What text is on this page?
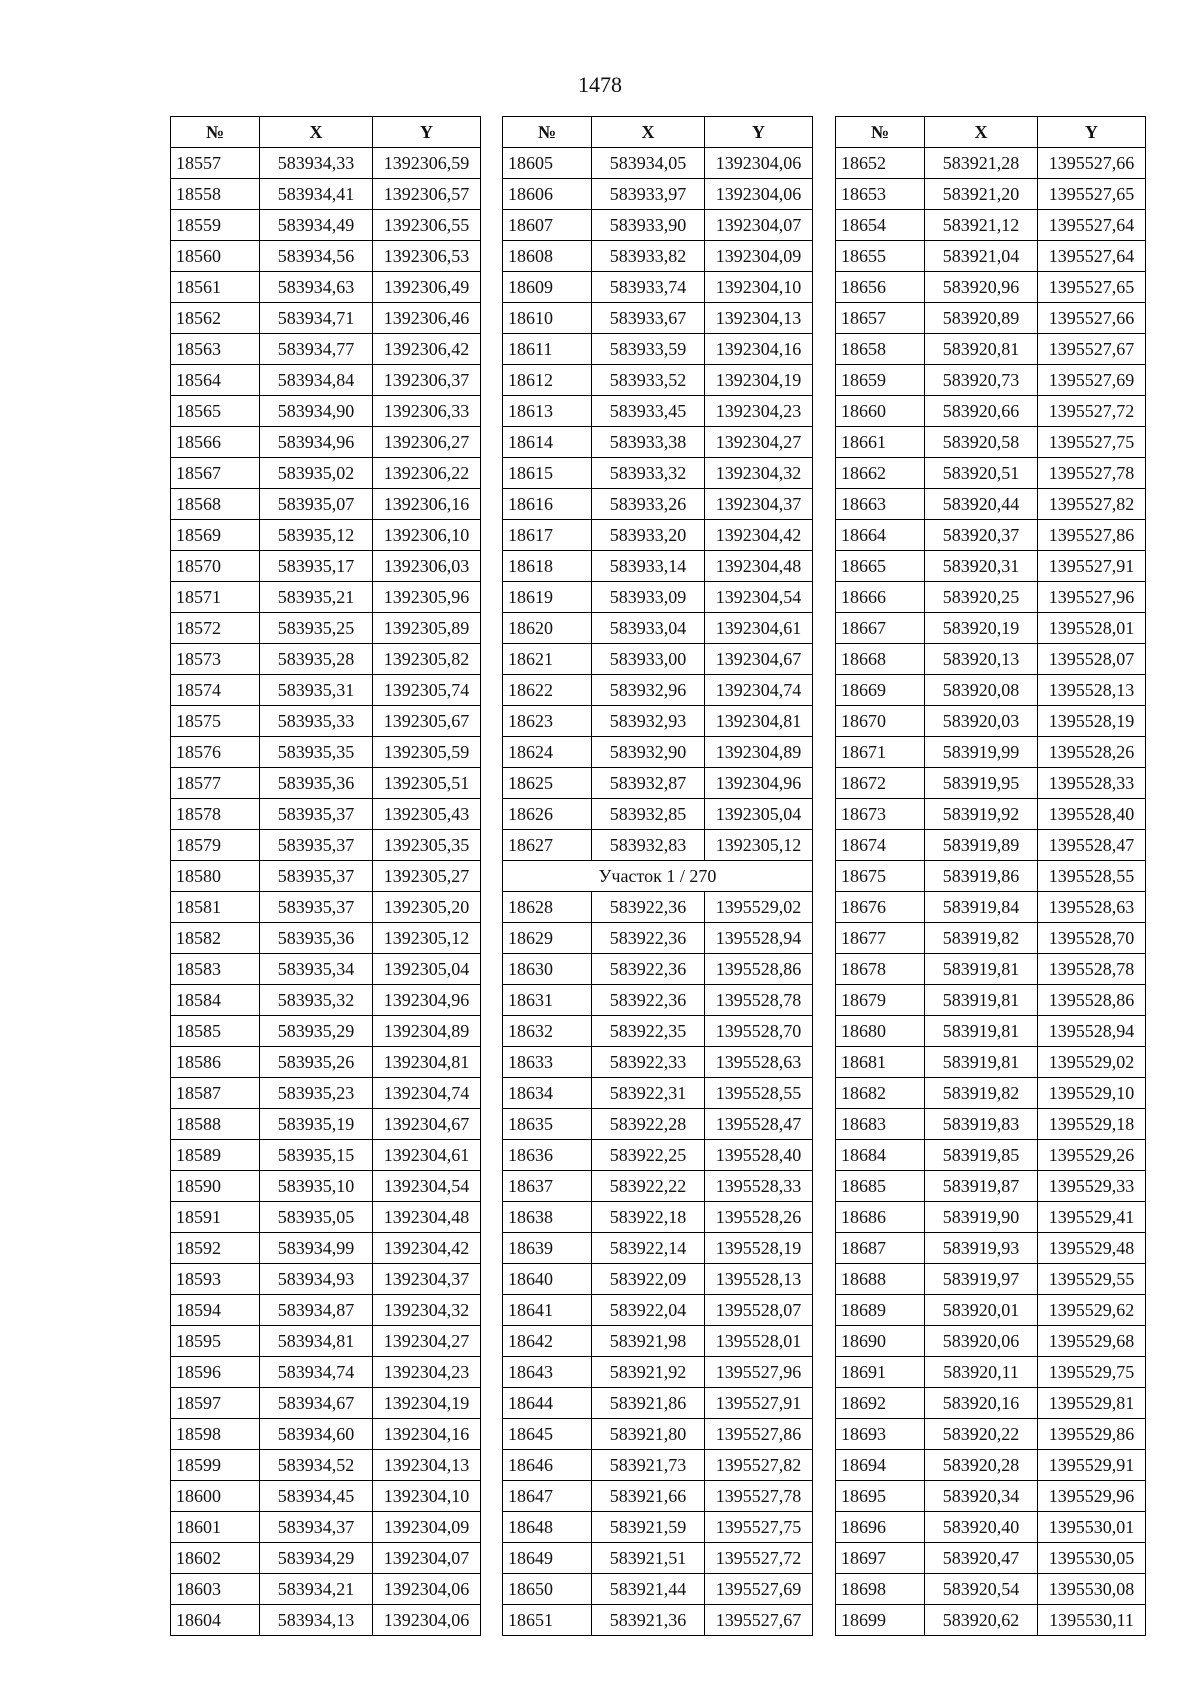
1478
№	X	Y
18557	583934,33	1392306,59
18558	583934,41	1392306,57
18559	583934,49	1392306,55
18560	583934,56	1392306,53
18561	583934,63	1392306,49
18562	583934,71	1392306,46
18563	583934,77	1392306,42
18564	583934,84	1392306,37
18565	583934,90	1392306,33
18566	583934,96	1392306,27
18567	583935,02	1392306,22
18568	583935,07	1392306,16
18569	583935,12	1392306,10
18570	583935,17	1392306,03
18571	583935,21	1392305,96
18572	583935,25	1392305,89
18573	583935,28	1392305,82
18574	583935,31	1392305,74
18575	583935,33	1392305,67
18576	583935,35	1392305,59
18577	583935,36	1392305,51
18578	583935,37	1392305,43
18579	583935,37	1392305,35
18580	583935,37	1392305,27
18581	583935,37	1392305,20
18582	583935,36	1392305,12
18583	583935,34	1392305,04
18584	583935,32	1392304,96
18585	583935,29	1392304,89
18586	583935,26	1392304,81
18587	583935,23	1392304,74
18588	583935,19	1392304,67
18589	583935,15	1392304,61
18590	583935,10	1392304,54
18591	583935,05	1392304,48
18592	583934,99	1392304,42
18593	583934,93	1392304,37
18594	583934,87	1392304,32
18595	583934,81	1392304,27
18596	583934,74	1392304,23
18597	583934,67	1392304,19
18598	583934,60	1392304,16
18599	583934,52	1392304,13
18600	583934,45	1392304,10
18601	583934,37	1392304,09
18602	583934,29	1392304,07
18603	583934,21	1392304,06
18604	583934,13	1392304,06
№	X	Y
18605	583934,05	1392304,06
18606	583933,97	1392304,06
18607	583933,90	1392304,07
18608	583933,82	1392304,09
18609	583933,74	1392304,10
18610	583933,67	1392304,13
18611	583933,59	1392304,16
18612	583933,52	1392304,19
18613	583933,45	1392304,23
18614	583933,38	1392304,27
18615	583933,32	1392304,32
18616	583933,26	1392304,37
18617	583933,20	1392304,42
18618	583933,14	1392304,48
18619	583933,09	1392304,54
18620	583933,04	1392304,61
18621	583933,00	1392304,67
18622	583932,96	1392304,74
18623	583932,93	1392304,81
18624	583932,90	1392304,89
18625	583932,87	1392304,96
18626	583932,85	1392305,04
18627	583932,83	1392305,12
Участок 1 / 270		
18628	583922,36	1395529,02
18629	583922,36	1395528,94
18630	583922,36	1395528,86
18631	583922,36	1395528,78
18632	583922,35	1395528,70
18633	583922,33	1395528,63
18634	583922,31	1395528,55
18635	583922,28	1395528,47
18636	583922,25	1395528,40
18637	583922,22	1395528,33
18638	583922,18	1395528,26
18639	583922,14	1395528,19
18640	583922,09	1395528,13
18641	583922,04	1395528,07
18642	583921,98	1395528,01
18643	583921,92	1395527,96
18644	583921,86	1395527,91
18645	583921,80	1395527,86
18646	583921,73	1395527,82
18647	583921,66	1395527,78
18648	583921,59	1395527,75
18649	583921,51	1395527,72
18650	583921,44	1395527,69
18651	583921,36	1395527,67
№	X	Y
18652	583921,28	1395527,66
18653	583921,20	1395527,65
18654	583921,12	1395527,64
18655	583921,04	1395527,64
18656	583920,96	1395527,65
18657	583920,89	1395527,66
18658	583920,81	1395527,67
18659	583920,73	1395527,69
18660	583920,66	1395527,72
18661	583920,58	1395527,75
18662	583920,51	1395527,78
18663	583920,44	1395527,82
18664	583920,37	1395527,86
18665	583920,31	1395527,91
18666	583920,25	1395527,96
18667	583920,19	1395528,01
18668	583920,13	1395528,07
18669	583920,08	1395528,13
18670	583920,03	1395528,19
18671	583919,99	1395528,26
18672	583919,95	1395528,33
18673	583919,92	1395528,40
18674	583919,89	1395528,47
18675	583919,86	1395528,55
18676	583919,84	1395528,63
18677	583919,82	1395528,70
18678	583919,81	1395528,78
18679	583919,81	1395528,86
18680	583919,81	1395528,94
18681	583919,81	1395529,02
18682	583919,82	1395529,10
18683	583919,83	1395529,18
18684	583919,85	1395529,26
18685	583919,87	1395529,33
18686	583919,90	1395529,41
18687	583919,93	1395529,48
18688	583919,97	1395529,55
18689	583920,01	1395529,62
18690	583920,06	1395529,68
18691	583920,11	1395529,75
18692	583920,16	1395529,81
18693	583920,22	1395529,86
18694	583920,28	1395529,91
18695	583920,34	1395529,96
18696	583920,40	1395530,01
18697	583920,47	1395530,05
18698	583920,54	1395530,08
18699	583920,62	1395530,11
